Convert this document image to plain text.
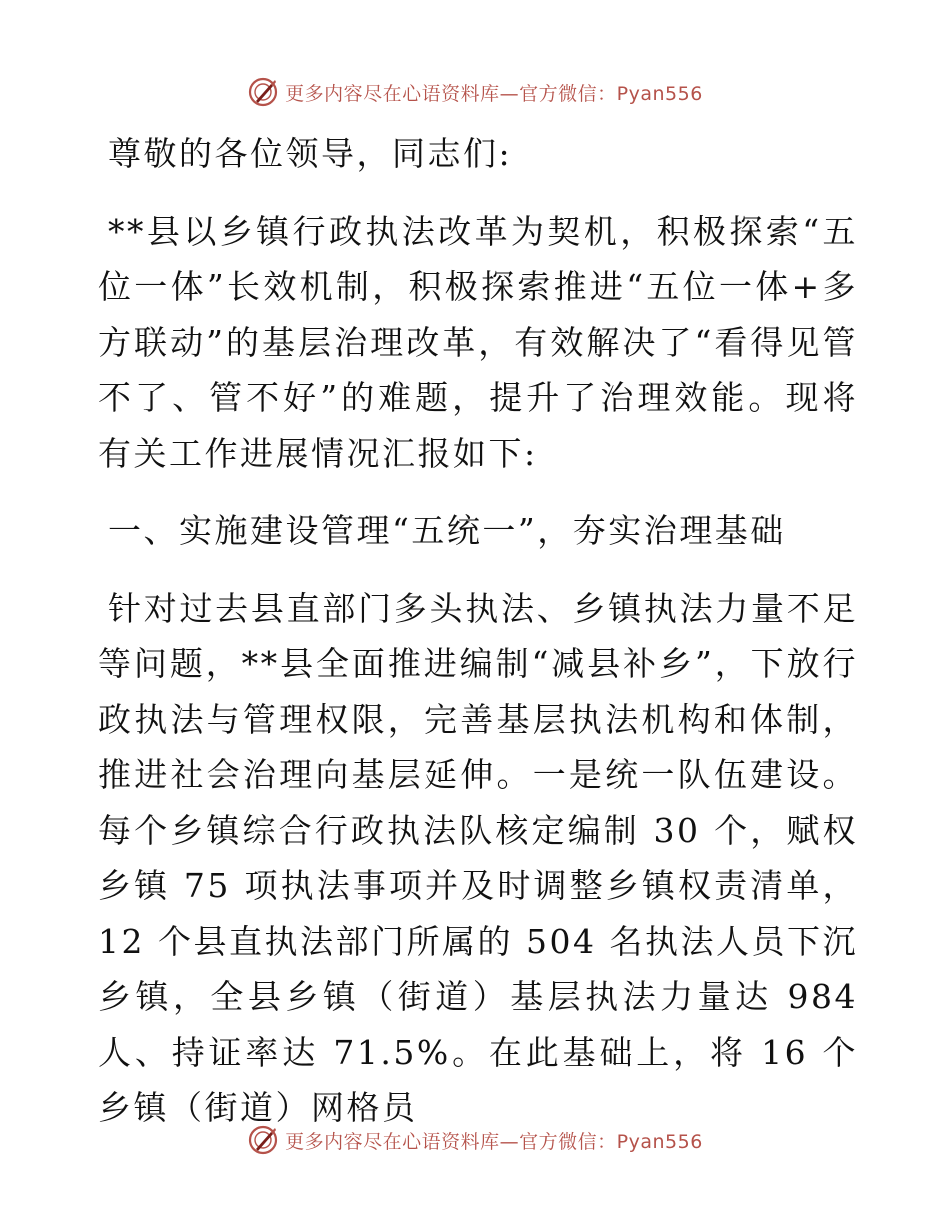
更多内容尽在心语资料库—官方微信：Pyan556

尊敬的各位领导，同志们:

**县以乡镇行政执法改革为契机，积极探索“五位一体”长效机制，积极探索推进“五位一体+多方联动”的基层治理改革，有效解决了“看得见管不了、管不好”的难题，提升了治理效能。现将有关工作进展情况汇报如下:

一、实施建设管理“五统一”，夯实治理基础

针对过去县直部门多头执法、乡镇执法力量不足等问题，**县全面推进编制“减县补乡”，下放行政执法与管理权限，完善基层执法机构和体制，推进社会治理向基层延伸。一是统一队伍建设。每个乡镇综合行政执法队核定编制 30 个，赋权乡镇 75 项执法事项并及时调整乡镇权责清单，12 个县直执法部门所属的 504 名执法人员下沉乡镇，全县乡镇（街道）基层执法力量达 984 人、持证率达 71.5%。在此基础上，将 16 个乡镇（街道）网格员

更多内容尽在心语资料库—官方微信：Pyan556
